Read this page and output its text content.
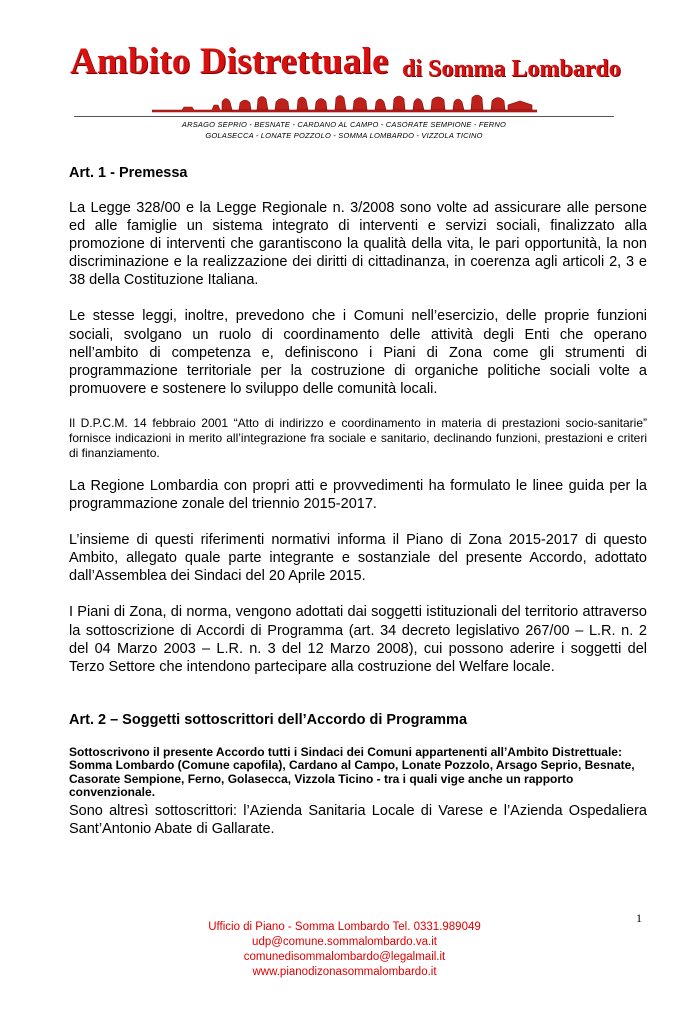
Ambito Distrettuale di Somma Lombardo
ARSAGO SEPRIO - BESNATE - CARDANO AL CAMPO - CASORATE SEMPIONE - FERNO
GOLASECCA - LONATE POZZOLO - SOMMA LOMBARDO - VIZZOLA TICINO
Art. 1 - Premessa

La Legge 328/00 e la Legge Regionale n. 3/2008 sono volte ad assicurare alle persone ed alle famiglie un sistema integrato di interventi e servizi sociali, finalizzato alla promozione di interventi che garantiscono la qualità della vita, le pari opportunità, la non discriminazione e la realizzazione dei diritti di cittadinanza, in coerenza agli articoli 2, 3 e 38 della Costituzione Italiana.

Le stesse leggi, inoltre, prevedono che i Comuni nell’esercizio, delle proprie funzioni sociali, svolgano un ruolo di coordinamento delle attività degli Enti che operano nell’ambito di competenza e, definiscono i Piani di Zona come gli strumenti di programmazione territoriale per la costruzione di organiche politiche sociali volte a promuovere e sostenere lo sviluppo delle comunità locali.

Il D.P.C.M. 14 febbraio 2001 “Atto di indirizzo e coordinamento in materia di prestazioni socio-sanitarie” fornisce indicazioni in merito all’integrazione fra sociale e sanitario, declinando funzioni, prestazioni e criteri di finanziamento.

La Regione Lombardia con propri atti e provvedimenti ha formulato le linee guida per la programmazione zonale del triennio 2015-2017.

L’insieme di questi riferimenti normativi informa il Piano di Zona 2015-2017 di questo Ambito, allegato quale parte integrante e sostanziale del presente Accordo, adottato dall’Assemblea dei Sindaci del 20 Aprile 2015.

I Piani di Zona, di norma, vengono adottati dai soggetti istituzionali del territorio attraverso la sottoscrizione di Accordi di Programma (art. 34 decreto legislativo 267/00 – L.R. n. 2 del 04 Marzo 2003 – L.R. n. 3 del 12 Marzo 2008), cui possono aderire i soggetti del Terzo Settore che intendono partecipare alla costruzione del Welfare locale.

Art. 2 – Soggetti sottoscrittori dell’Accordo di Programma

Sottoscrivono il presente Accordo tutti i Sindaci dei Comuni appartenenti all’Ambito Distrettuale: Somma Lombardo (Comune capofila), Cardano al Campo, Lonate Pozzolo, Arsago Seprio, Besnate, Casorate Sempione, Ferno, Golasecca, Vizzola Ticino - tra i quali vige anche un rapporto convenzionale.

Sono altresì sottoscrittori: l’Azienda Sanitaria Locale di Varese e l’Azienda Ospedaliera Sant’Antonio Abate di Gallarate.

1
Ufficio di Piano - Somma Lombardo Tel. 0331.989049
udp@comune.sommalombardo.va.it
comunedisommalombardo@legalmail.it
www.pianodizonasommalombardo.it
